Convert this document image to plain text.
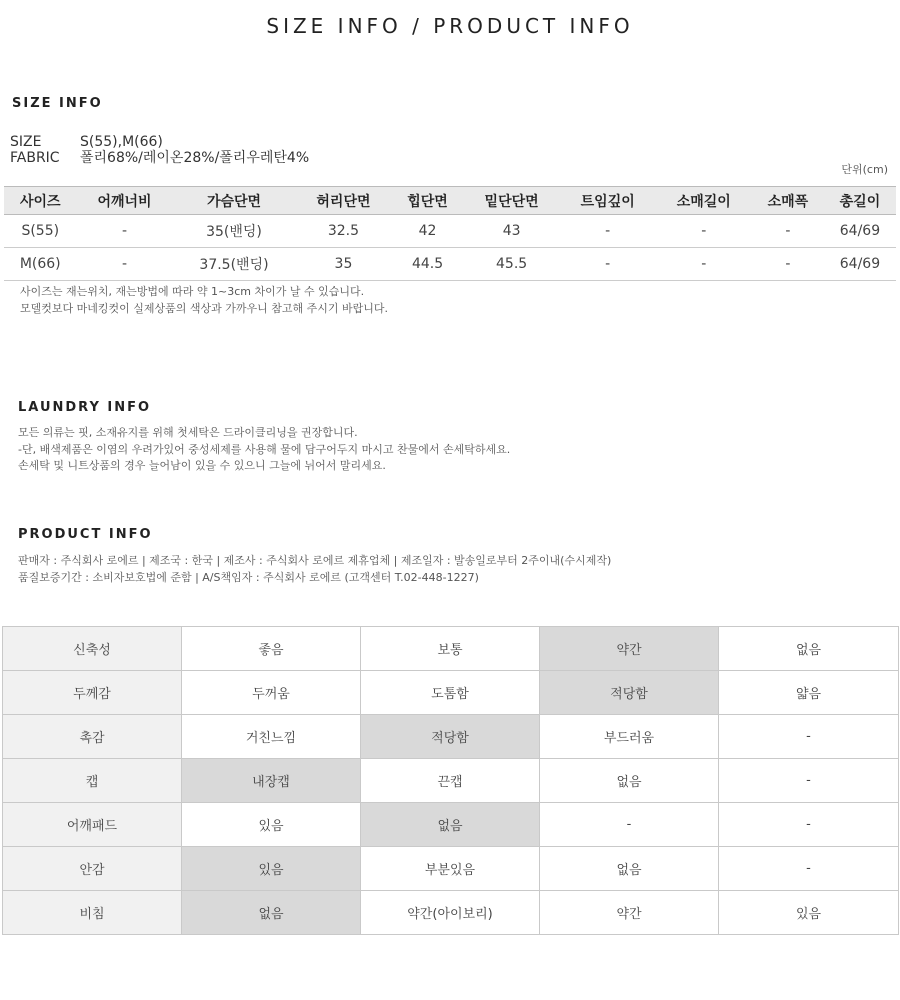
SIZE INFO / PRODUCT INFO
SIZE INFO
SIZE	S(55),M(66)
FABRIC	폴리68%/레이온28%/폴리우레탄4%
단위(cm)
사이즈	어깨너비	가슴단면	허리단면	힙단면	밑단단면	트임깊이	소매길이	소매폭	총길이
S(55)	-	35(밴딩)	32.5	42	43	-	-	-	64/69
M(66)	-	37.5(밴딩)	35	44.5	45.5	-	-	-	64/69
사이즈는 재는위치, 재는방법에 따라 약 1~3cm 차이가 날 수 있습니다.
모델컷보다 마네킹컷이 실제상품의 색상과 가까우니 참고해 주시기 바랍니다.
LAUNDRY INFO
모든 의류는 핏, 소재유지를 위해 첫세탁은 드라이클리닝을 권장합니다.
-단, 배색제품은 이염의 우려가있어 중성세제를 사용해 물에 담구어두지 마시고 찬물에서 손세탁하세요.
손세탁 및 니트상품의 경우 늘어남이 있을 수 있으니 그늘에 뉘어서 말리세요.
PRODUCT INFO
판매자 : 주식회사 로에르 | 제조국 : 한국 | 제조사 : 주식회사 로에르 제휴업체 | 제조일자 : 발송일로부터 2주이내(수시제작)
품질보증기간 : 소비자보호법에 준함 | A/S책임자 : 주식회사 로에르 (고객센터 T.02-448-1227)
신축성	좋음	보통	약간	없음
두께감	두꺼움	도톰함	적당함	얇음
촉감	거친느낌	적당함	부드러움	-
캡	내장캡	끈캡	없음	-
어깨패드	있음	없음	-	-
안감	있음	부분있음	없음	-
비침	없음	약간(아이보리)	약간	있음
